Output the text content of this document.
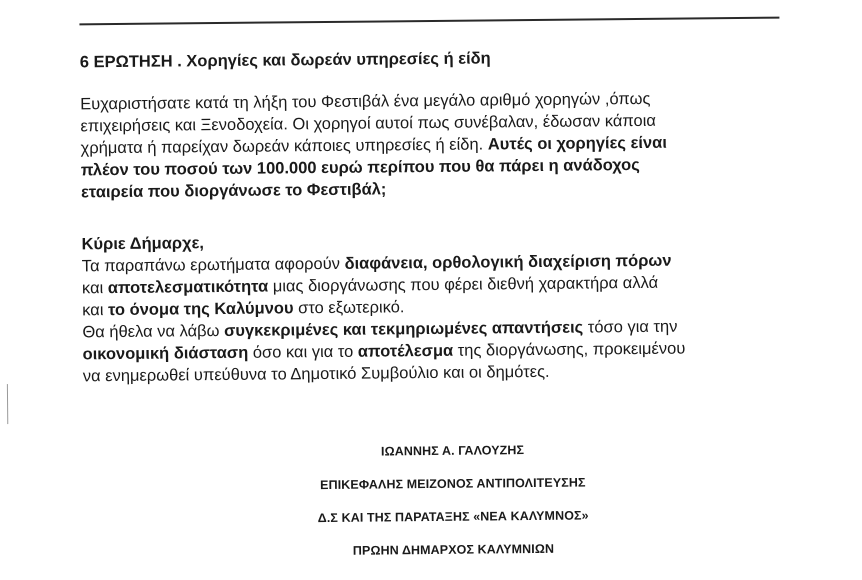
6 ΕΡΩΤΗΣΗ . Χορηγίες και δωρεάν υπηρεσίες ή είδη
Ευχαριστήσατε κατά τη λήξη του Φεστιβάλ ένα μεγάλο αριθμό χορηγών ,όπως
επιχειρήσεις και Ξενοδοχεία. Οι χορηγοί αυτοί πως συνέβαλαν, έδωσαν κάποια
χρήματα ή παρείχαν δωρεάν κάποιες υπηρεσίες ή είδη. Αυτές οι χορηγίες είναι
πλέον του ποσού των 100.000 ευρώ περίπου που θα πάρει η ανάδοχος
εταιρεία που διοργάνωσε το Φεστιβάλ;
Κύριε Δήμαρχε,
Τα παραπάνω ερωτήματα αφορούν διαφάνεια, ορθολογική διαχείριση πόρων
και αποτελεσματικότητα μιας διοργάνωσης που φέρει διεθνή χαρακτήρα αλλά
και το όνομα της Καλύμνου στο εξωτερικό.
Θα ήθελα να λάβω συγκεκριμένες και τεκμηριωμένες απαντήσεις τόσο για την
οικονομική διάσταση όσο και για το αποτέλεσμα της διοργάνωσης, προκειμένου
να ενημερωθεί υπεύθυνα το Δημοτικό Συμβούλιο και οι δημότες.
ΙΩΑΝΝΗΣ Α. ΓΑΛΟΥΖΗΣ
ΕΠΙΚΕΦΑΛΗΣ ΜΕΙΖΟΝΟΣ ΑΝΤΙΠΟΛΙΤΕΥΣΗΣ
Δ.Σ ΚΑΙ ΤΗΣ ΠΑΡΑΤΑΞΗΣ «ΝΕΑ ΚΑΛΥΜΝΟΣ»
ΠΡΩΗΝ ΔΗΜΑΡΧΟΣ ΚΑΛΥΜΝΙΩΝ
